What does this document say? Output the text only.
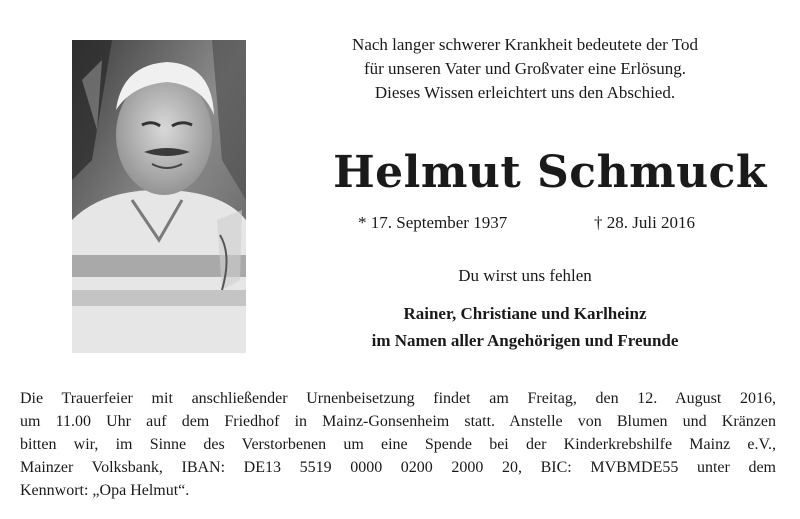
Nach langer schwerer Krankheit bedeutete der Tod
für unseren Vater und Großvater eine Erlösung.
Dieses Wissen erleichtert uns den Abschied.
Helmut Schmuck
* 17. September 1937	† 28. Juli 2016
Du wirst uns fehlen
Rainer, Christiane und Karlheinz
im Namen aller Angehörigen und Freunde
Die Trauerfeier mit anschließender Urnenbeisetzung findet am Freitag, den 12. August 2016,
um 11.00 Uhr auf dem Friedhof in Mainz-Gonsenheim statt. Anstelle von Blumen und Kränzen
bitten wir, im Sinne des Verstorbenen um eine Spende bei der Kinderkrebshilfe Mainz e.V.,
Mainzer Volksbank, IBAN: DE13 5519 0000 0200 2000 20, BIC: MVBMDE55 unter dem
Kennwort: „Opa Helmut“.
